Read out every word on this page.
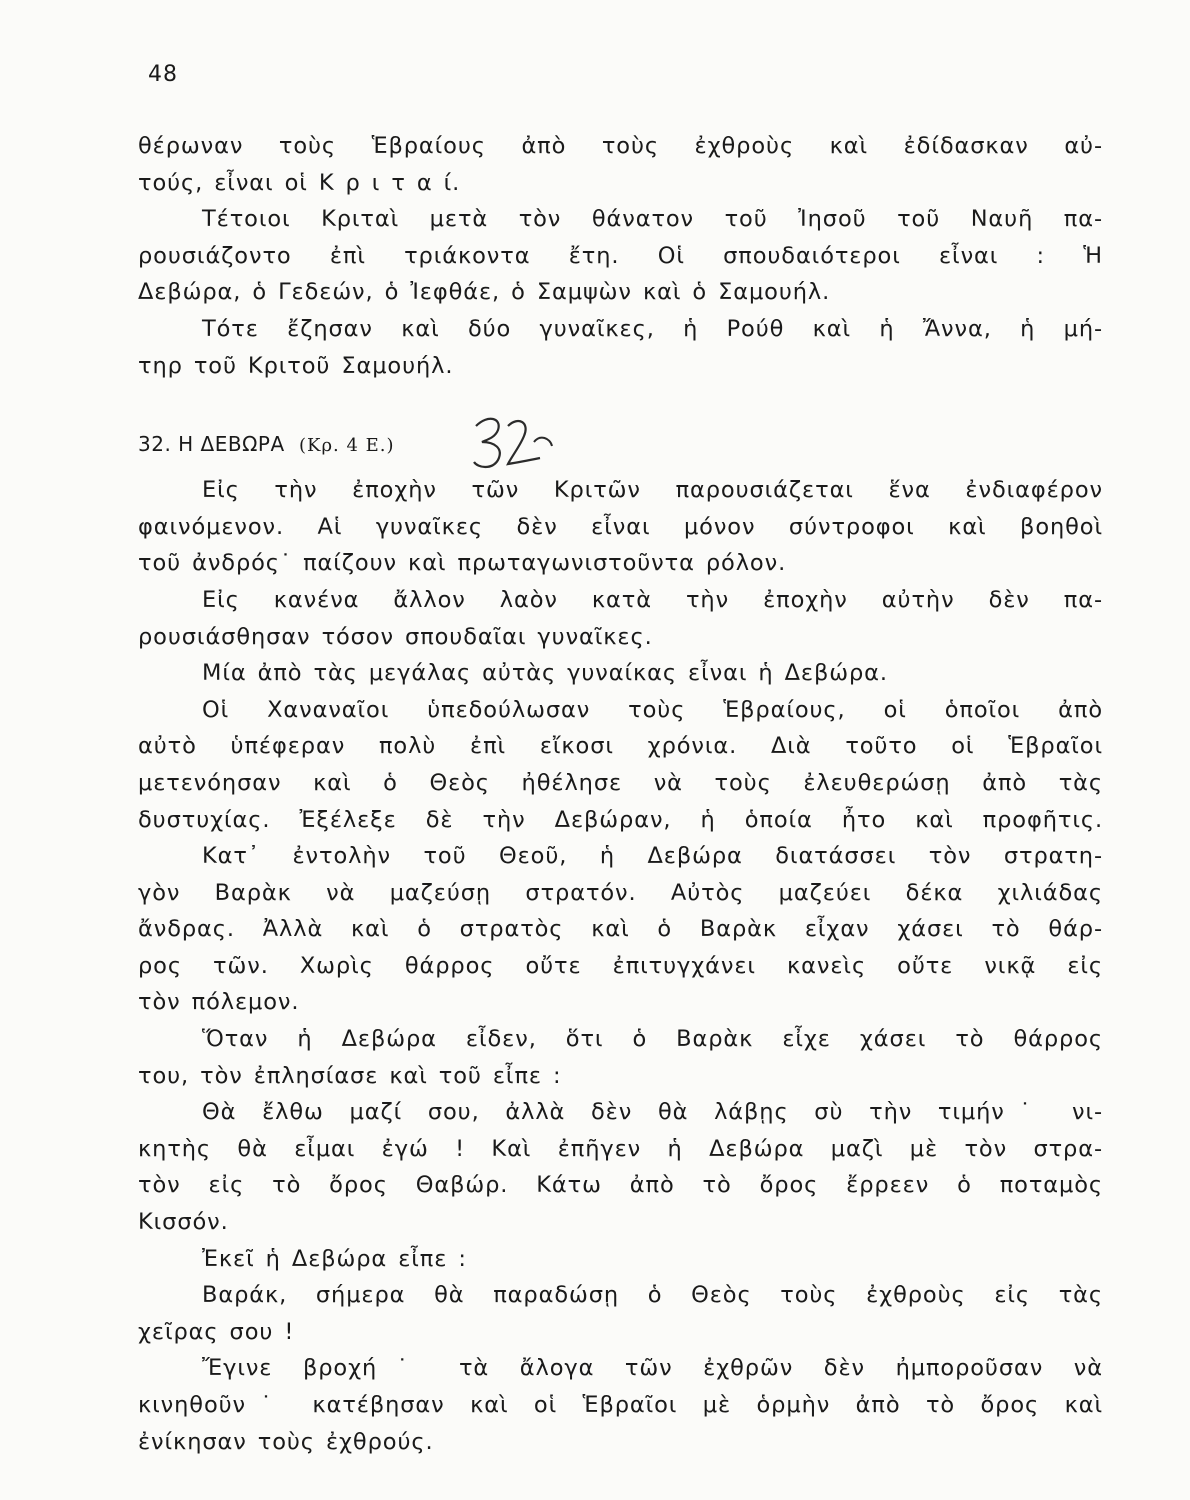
48
θέρωναν τοὺς Ἑβραίους ἀπὸ τοὺς ἐχθροὺς καὶ ἐδίδασκαν αὐ-
τούς, εἶναι οἱ Κ ρ ι τ α ί.
Τέτοιοι Κριταὶ μετὰ τὸν θάνατον τοῦ Ἰησοῦ τοῦ Ναυῆ πα-
ρουσιάζοντο ἐπὶ τριάκοντα ἔτη. Οἱ σπουδαιότεροι εἶναι : Ἡ
Δεβώρα, ὁ Γεδεών, ὁ Ἰεφθάε, ὁ Σαμψὼν καὶ ὁ Σαμουήλ.
Τότε ἔζησαν καὶ δύο γυναῖκες, ἡ Ρούθ καὶ ἡ Ἄννα, ἡ μή-
τηρ τοῦ Κριτοῦ Σαμουήλ.
32. Η ΔΕΒΩΡΑ (Κρ. 4 Ε.)
Εἰς τὴν ἐποχὴν τῶν Κριτῶν παρουσιάζεται ἕνα ἐνδιαφέρον
φαινόμενον. Αἱ γυναῖκες δὲν εἶναι μόνον σύντροφοι καὶ βοηθοὶ
τοῦ ἀνδρός˙ παίζουν καὶ πρωταγωνιστοῦντα ρόλον.
Εἰς κανένα ἄλλον λαὸν κατὰ τὴν ἐποχὴν αὐτὴν δὲν πα-
ρουσιάσθησαν τόσον σπουδαῖαι γυναῖκες.
Μία ἀπὸ τὰς μεγάλας αὐτὰς γυναίκας εἶναι ἡ Δεβώρα.
Οἱ Χαναναῖοι ὑπεδούλωσαν τοὺς Ἑβραίους, οἱ ὁποῖοι ἀπὸ
αὐτὸ ὑπέφεραν πολὺ ἐπὶ εἴκοσι χρόνια. Διὰ τοῦτο οἱ Ἑβραῖοι
μετενόησαν καὶ ὁ Θεὸς ἠθέλησε νὰ τοὺς ἐλευθερώσῃ ἀπὸ τὰς
δυστυχίας. Ἐξέλεξε δὲ τὴν Δεβώραν, ἡ ὁποία ἦτο καὶ προφῆτις.
Κατ᾽ ἐντολὴν τοῦ Θεοῦ, ἡ Δεβώρα διατάσσει τὸν στρατη-
γὸν Βαρὰκ νὰ μαζεύσῃ στρατόν. Αὐτὸς μαζεύει δέκα χιλιάδας
ἄνδρας. Ἀλλὰ καὶ ὁ στρατὸς καὶ ὁ Βαρὰκ εἶχαν χάσει τὸ θάρ-
ρος τῶν. Χωρὶς θάρρος οὔτε ἐπιτυγχάνει κανεὶς οὔτε νικᾷ εἰς
τὸν πόλεμον.
Ὅταν ἡ Δεβώρα εἶδεν, ὅτι ὁ Βαρὰκ εἶχε χάσει τὸ θάρρος
του, τὸν ἐπλησίασε καὶ τοῦ εἶπε :
Θὰ ἔλθω μαζί σου, ἀλλὰ δὲν θὰ λάβῃς σὺ τὴν τιμήν˙ νι-
κητὴς θὰ εἶμαι ἐγώ ! Καὶ ἐπῆγεν ἡ Δεβώρα μαζὶ μὲ τὸν στρα-
τὸν εἰς τὸ ὄρος Θαβώρ. Κάτω ἀπὸ τὸ ὄρος ἔρρεεν ὁ ποταμὸς
Κισσόν.
Ἐκεῖ ἡ Δεβώρα εἶπε :
Βαράκ, σήμερα θὰ παραδώσῃ ὁ Θεὸς τοὺς ἐχθροὺς εἰς τὰς
χεῖρας σου !
Ἔγινε βροχή˙ τὰ ἄλογα τῶν ἐχθρῶν δὲν ἠμποροῦσαν νὰ
κινηθοῦν˙ κατέβησαν καὶ οἱ Ἑβραῖοι μὲ ὁρμὴν ἀπὸ τὸ ὄρος καὶ
ἐνίκησαν τοὺς ἐχθρούς.
